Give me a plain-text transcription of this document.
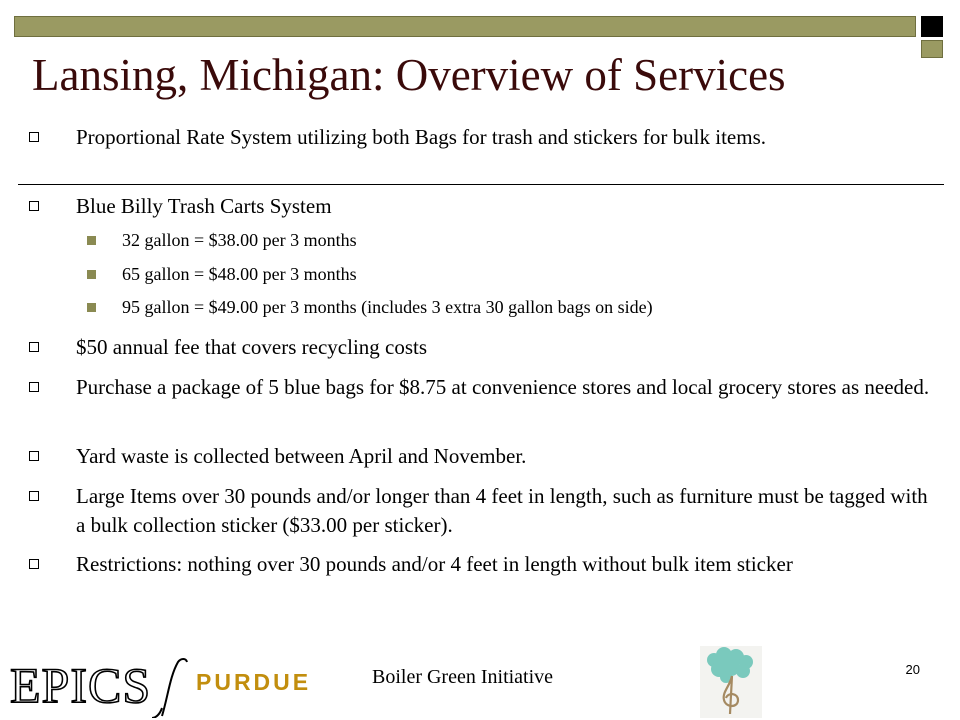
Lansing, Michigan: Overview of Services
Proportional Rate System utilizing both Bags for trash and stickers for bulk items.
Blue Billy Trash Carts System
32 gallon = $38.00 per 3 months
65 gallon = $48.00 per 3 months
95 gallon = $49.00 per 3 months (includes 3 extra 30 gallon bags on side)
$50 annual fee that covers recycling costs
Purchase a package of 5 blue bags for $8.75 at convenience stores and local grocery stores as needed.
Yard waste is collected between April and November.
Large Items over 30 pounds and/or longer than 4 feet in length, such as furniture must be tagged with a bulk collection sticker ($33.00 per sticker).
Restrictions: nothing over 30 pounds and/or 4 feet in length without bulk item sticker
EPICS PURDUE	Boiler Green Initiative	20
